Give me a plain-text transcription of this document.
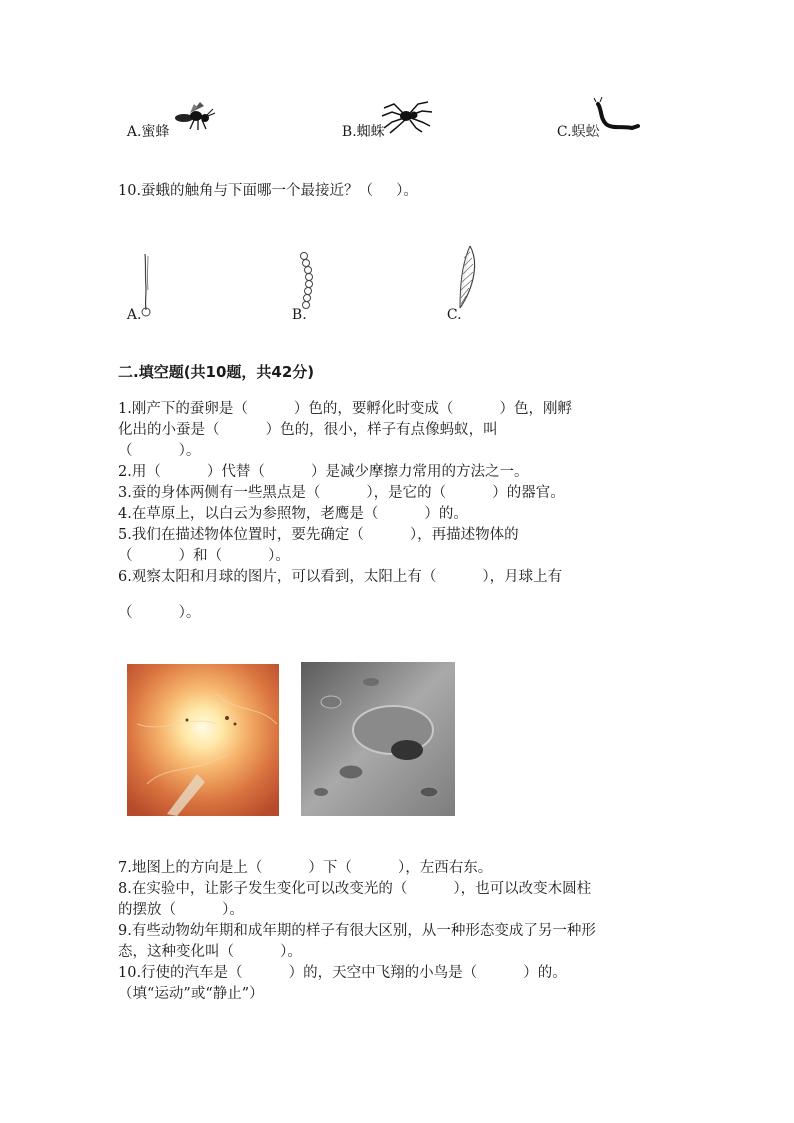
A.蜜蜂	B.蜘蛛	C.蜈蚣

10.蚕蛾的触角与下面哪一个最接近？（     ）。

A.	B.	C.

二.填空题(共10题，共42分)
1.刚产下的蚕卵是（          ）色的，要孵化时变成（          ）色，刚孵
化出的小蚕是（          ）色的，很小，样子有点像蚂蚁，叫
（          ）。
2.用（          ）代替（          ）是减少摩擦力常用的方法之一。
3.蚕的身体两侧有一些黑点是（          ），是它的（          ）的器官。
4.在草原上，以白云为参照物，老鹰是（          ）的。
5.我们在描述物体位置时，要先确定（          ），再描述物体的
（          ）和（          ）。
6.观察太阳和月球的图片，可以看到，太阳上有（          ），月球上有
（          ）。
7.地图上的方向是上（          ）下（          ），左西右东。
8.在实验中，让影子发生变化可以改变光的（          ），也可以改变木圆柱
的摆放（          ）。
9.有些动物幼年期和成年期的样子有很大区别，从一种形态变成了另一种形
态，这种变化叫（          ）。
10.行使的汽车是（          ）的，天空中飞翔的小鸟是（          ）的。
（填“运动”或“静止”）
